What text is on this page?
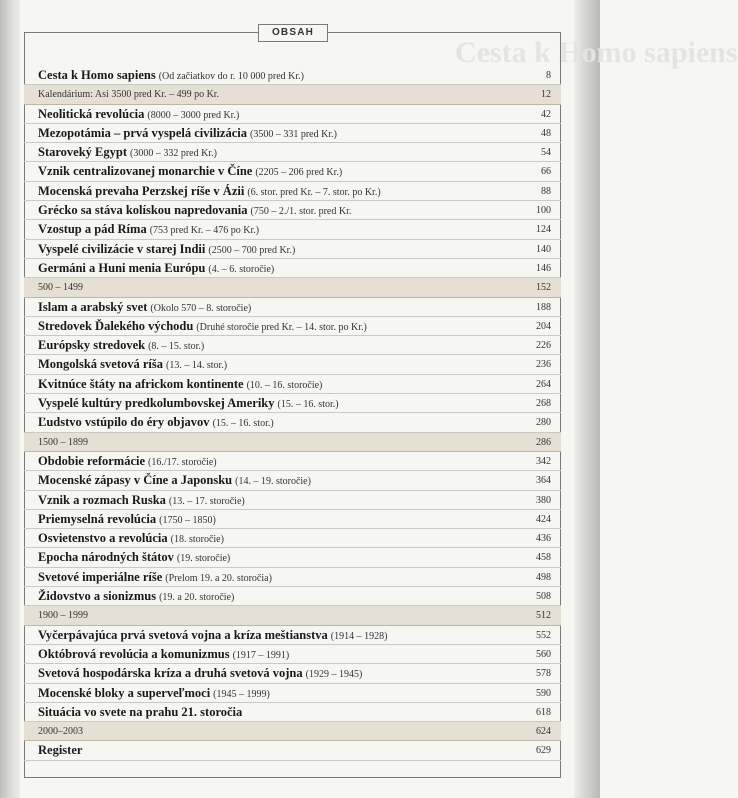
Cesta k Homo sapiens
OBSAH
Cesta k Homo sapiens (Od začiatkov do r. 10 000 pred Kr.)	8
Kalendárium: Asi 3500 pred Kr. – 499 po Kr.	12
Neolitická revolúcia (8000 – 3000 pred Kr.)	42
Mezopotámia – prvá vyspelá civilizácia (3500 – 331 pred Kr.)	48
Staroveký Egypt (3000 – 332 pred Kr.)	54
Vznik centralizovanej monarchie v Číne (2205 – 206 pred Kr.)	66
Mocenská prevaha Perzskej ríše v Ázii (6. stor. pred Kr. – 7. stor. po Kr.)	88
Grécko sa stáva kolískou napredovania (750 – 2./1. stor. pred Kr.	100
Vzostup a pád Ríma (753 pred Kr. – 476 po Kr.)	124
Vyspelé civilizácie v starej Indii (2500 – 700 pred Kr.)	140
Germáni a Huni menia Európu (4. – 6. storočie)	146
500 – 1499	152
Islam a arabský svet (Okolo 570 – 8. storočie)	188
Stredovek Ďalekého východu (Druhé storočie pred Kr. – 14. stor. po Kr.)	204
Európsky stredovek (8. – 15. stor.)	226
Mongolská svetová ríša (13. – 14. stor.)	236
Kvitnúce štáty na africkom kontinente (10. – 16. storočie)	264
Vyspelé kultúry predkolumbovskej Ameriky (15. – 16. stor.)	268
Ľudstvo vstúpilo do éry objavov (15. – 16. stor.)	280
1500 – 1899	286
Obdobie reformácie (16./17. storočie)	342
Mocenské zápasy v Číne a Japonsku (14. – 19. storočie)	364
Vznik a rozmach Ruska (13. – 17. storočie)	380
Priemyselná revolúcia (1750 – 1850)	424
Osvietenstvo a revolúcia (18. storočie)	436
Epocha národných štátov (19. storočie)	458
Svetové imperiálne ríše (Prelom 19. a 20. storočia)	498
Židovstvo a sionizmus (19. a 20. storočie)	508
1900 – 1999	512
Vyčerpávajúca prvá svetová vojna a kríza meštianstva (1914 – 1928)	552
Októbrová revolúcia a komunizmus (1917 – 1991)	560
Svetová hospodárska kríza a druhá svetová vojna (1929 – 1945)	578
Mocenské bloky a superveľmoci (1945 – 1999)	590
Situácia vo svete na prahu 21. storočia	618
2000–2003	624
Register	629
